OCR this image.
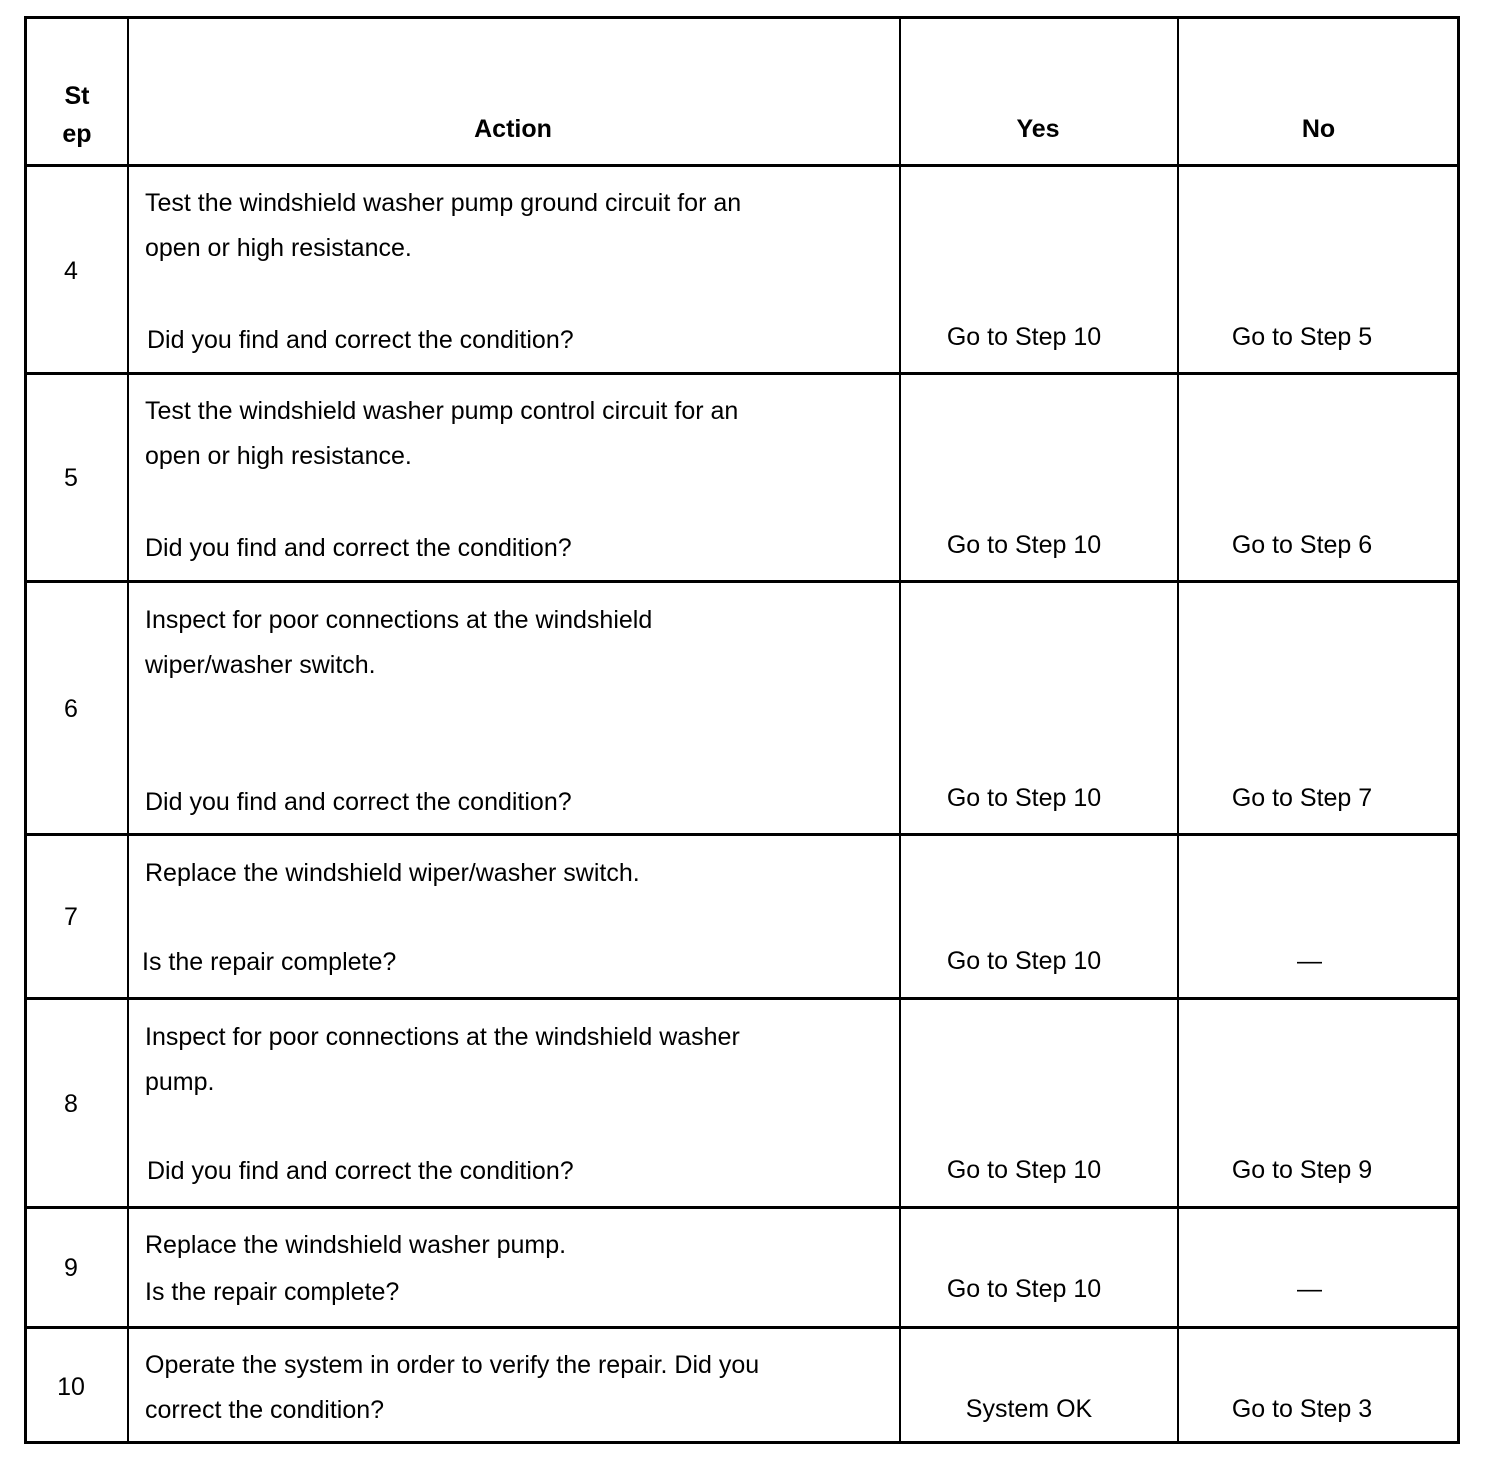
St
ep	Action	Yes	No
4
Test the windshield washer pump ground circuit for an
open or high resistance.
Did you find and correct the condition?	Go to Step 10	Go to Step 5
5
Test the windshield washer pump control circuit for an
open or high resistance.
Did you find and correct the condition?	Go to Step 10	Go to Step 6
6
Inspect for poor connections at the windshield
wiper/washer switch.
Did you find and correct the condition?	Go to Step 10	Go to Step 7
7
Replace the windshield wiper/washer switch.
Is the repair complete?	Go to Step 10	—
8
Inspect for poor connections at the windshield washer
pump.
Did you find and correct the condition?	Go to Step 10	Go to Step 9
9
Replace the windshield washer pump.
Is the repair complete?	Go to Step 10	—
10
Operate the system in order to verify the repair. Did you
correct the condition?	System OK	Go to Step 3
